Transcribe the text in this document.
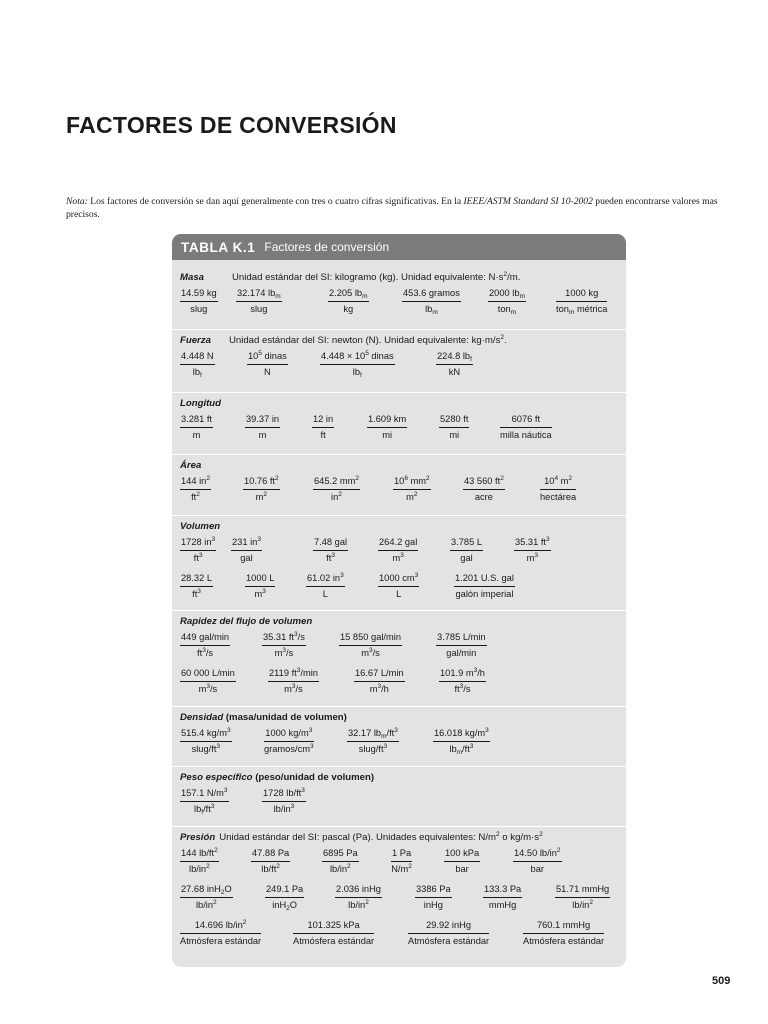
FACTORES DE CONVERSIÓN

Nota: Los factores de conversión se dan aquí generalmente con tres o cuatro cifras significativas. En la IEEE/ASTM Standard SI 10-2002 pueden encontrarse valores mas precisos.

TABLA K.1 Factores de conversión
Masa	Unidad estándar del SI: kilogramo (kg). Unidad equivalente: $N\cdot s^2/m$.
14.59 kg
slug
32.174 $lb_m$
slug
2.205 $lb_m$
kg
453.6 gramos
$lb_m$
2000 $lb_m$
ton$_m$
1000 kg
ton$_m$ métrica
Fuerza Unidad estándar del SI: newton (N). Unidad equivalente: $kg\cdot m/s^2$.
4.448 N
$lb_f$
$10^5$ dinas
N
$4.448 \times 10^5$ dinas
$lb_f$
224.8 $lb_f$
kN
Longitud
3.281 ft
m
39.37 in
m
12 in
ft
1.609 km
mi
5280 ft
mi
6076 ft
milla náutica
Área
144 $in^2$
$ft^2$
10.76 $ft^2$
$m^2$
645.2 $mm^2$
$in^2$
$10^6$ $mm^2$
$m^2$
43 560 $ft^2$
acre
$10^4$ $m^2$
hectárea
Volumen
1728 $in^3$
$ft^3$
231 $in^3$
gal
7.48 gal
$ft^3$
264.2 gal
$m^3$
3.785 L
gal
35.31 $ft^3$
$m^3$
28.32 L
$ft^3$
1000 L
$m^3$
61.02 $in^3$
L
1000 $cm^3$
L
1.201 U.S. gal
galón imperial
Rapidez del flujo de volumen
449 gal/min
$ft^3/s$
35.31 $ft^3/s$
$m^3/s$
15 850 gal/min
$m^3/s$
3.785 L/min
gal/min
60 000 L/min
$m^3/s$
2119 $ft^3/\min$
$m^3/s$
16.67 L/min
$m^3/h$
101.9 $m^3/h$
$ft^3/s$
Densidad (masa/unidad de volumen)
515.4 $kg/m^3$
slug/$ft^3$
1000 $kg/m^3$
gramos/$cm^3$
32.17 $lb_m/ft^3$
slug/$ft^3$
16.018 $kg/m^3$
$lb_m/ft^3$
Peso específico (peso/unidad de volumen)
157.1 $N/m^3$
$lb_f/ft^3$
1728 $lb/ft^3$
$lb/in^3$
Presión Unidad estándar del SI: pascal (Pa). Unidades equivalentes: $N/m^2$ o $kg/m\cdot s^2$
144 $lb/ft^2$
$lb/in^2$
47.88 Pa
$lb/ft^2$
6895 Pa
$lb/in^2$
1 Pa
$N/m^2$
100 kPa
bar
14.50 $lb/in^2$
bar
27.68 inH$_2$O
$lb/in^2$
249.1 Pa
inH$_2$O
2.036 inHg
$lb/in^2$
3386 Pa
inHg
133.3 Pa
mmHg
51.71 mmHg
$lb/in^2$
14.696 $lb/in^2$
Atmósfera estándar
101.325 kPa
Atmósfera estándar
29.92 inHg
Atmósfera estándar
760.1 mmHg
Atmósfera estándar
509
